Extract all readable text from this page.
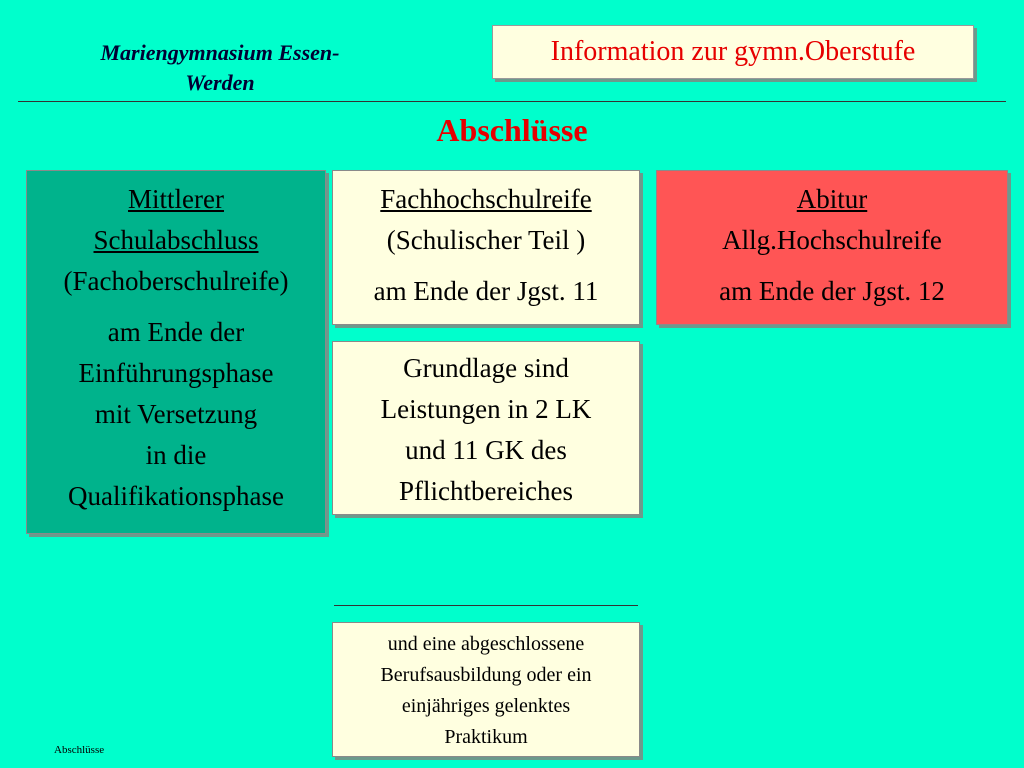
Mariengymnasium Essen-
Werden
Information zur gymn.Oberstufe
Abschlüsse

Mittlerer

Schulabschluss

(Fachoberschulreife)

am Ende der

Einführungsphase

mit Versetzung

in die

Qualifikationsphase

Fachhochschulreife

(Schulischer Teil )

am Ende der Jgst. 11

Abitur

Allg.Hochschulreife

am Ende der Jgst. 12

Grundlage sind

Leistungen in 2 LK

und 11 GK des

Pflichtbereiches

und eine abgeschlossene
Berufsausbildung oder ein
einjähriges gelenktes
Praktikum
Abschlüsse
